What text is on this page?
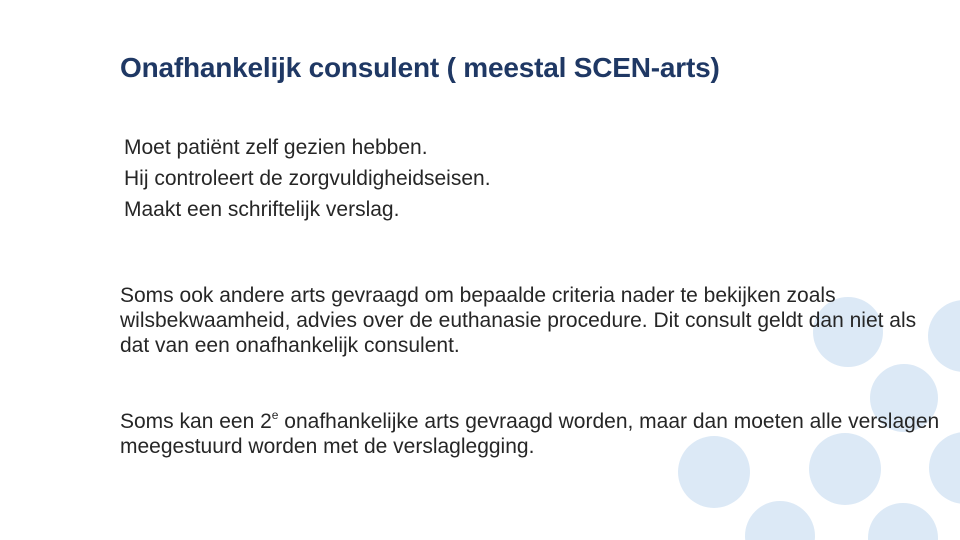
Onafhankelijk consulent ( meestal SCEN-arts)
Moet patiënt zelf gezien hebben.
Hij controleert de zorgvuldigheidseisen.
Maakt een schriftelijk verslag.
Soms ook andere arts gevraagd om bepaalde criteria nader te bekijken zoals wilsbekwaamheid, advies over de euthanasie procedure. Dit consult geldt dan niet als dat van een onafhankelijk consulent.
Soms kan een 2e onafhankelijke arts gevraagd worden, maar dan moeten alle verslagen meegestuurd worden met de verslaglegging.
